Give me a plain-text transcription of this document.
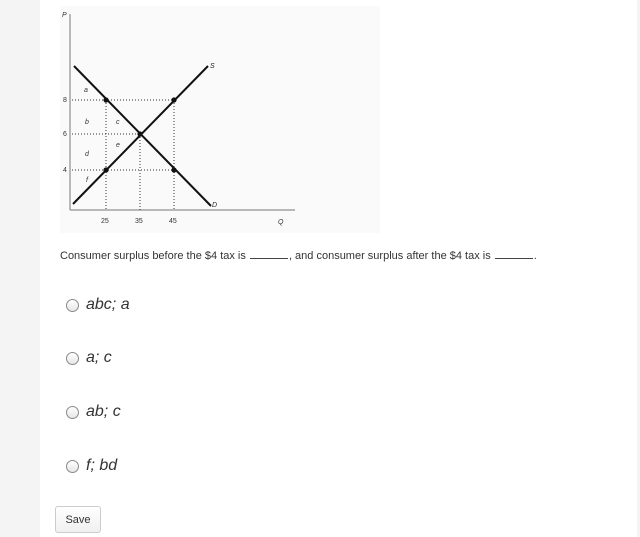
P
Q
8
6
4
25	35	45
a
b	c
d
e
f
S
D
Consumer surplus before the $4 tax is	, and consumer surplus after the $4 tax is	.
abc; a
a; c
ab; c
f; bd
Save
